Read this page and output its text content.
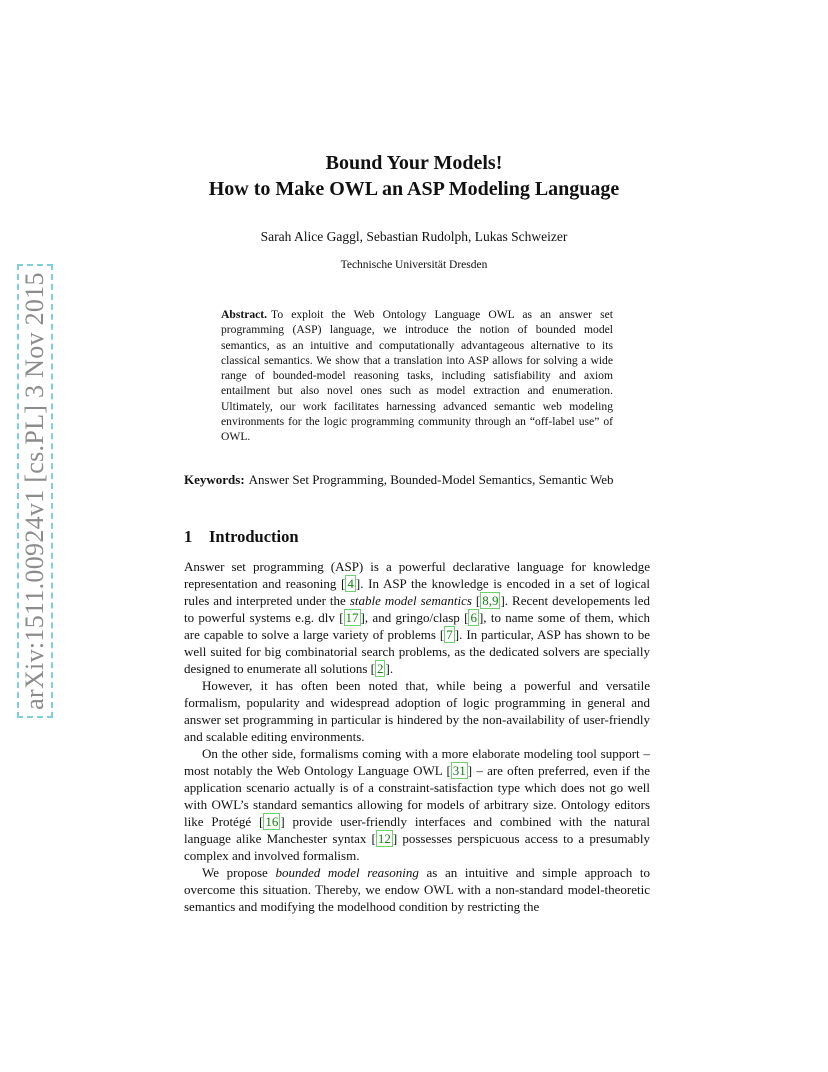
arXiv:1511.00924v1 [cs.PL] 3 Nov 2015
Bound Your Models!
How to Make OWL an ASP Modeling Language

Sarah Alice Gaggl, Sebastian Rudolph, Lukas Schweizer

Technische Universität Dresden

Abstract. To exploit the Web Ontology Language OWL as an answer set programming (ASP) language, we introduce the notion of bounded model semantics, as an intuitive and computationally advantageous alternative to its classical semantics. We show that a translation into ASP allows for solving a wide range of bounded-model reasoning tasks, including satisfiability and axiom entailment but also novel ones such as model extraction and enumeration. Ultimately, our work facilitates harnessing advanced semantic web modeling environments for the logic programming community through an “off-label use” of OWL.

Keywords: Answer Set Programming, Bounded-Model Semantics, Semantic Web

1 Introduction

Answer set programming (ASP) is a powerful declarative language for knowledge representation and reasoning [ 4 ]. In ASP the knowledge is encoded in a set of logical rules and interpreted under the stable model semantics [ 8,9 ]. Recent developements led to powerful systems e.g. dlv [ 17 ], and gringo/clasp [ 6 ], to name some of them, which are capable to solve a large variety of problems [ 7 ]. In particular, ASP has shown to be well suited for big combinatorial search problems, as the dedicated solvers are specially designed to enumerate all solutions [ 2 ].

However, it has often been noted that, while being a powerful and versatile formalism, popularity and widespread adoption of logic programming in general and answer set programming in particular is hindered by the non-availability of user-friendly and scalable editing environments.

On the other side, formalisms coming with a more elaborate modeling tool support – most notably the Web Ontology Language OWL [ 31 ] – are often preferred, even if the application scenario actually is of a constraint-satisfaction type which does not go well with OWL’s standard semantics allowing for models of arbitrary size. Ontology editors like Protégé [ 16 ] provide user-friendly interfaces and combined with the natural language alike Manchester syntax [ 12 ] possesses perspicuous access to a presumably complex and involved formalism.

We propose bounded model reasoning as an intuitive and simple approach to overcome this situation. Thereby, we endow OWL with a non-standard model-theoretic semantics and modifying the modelhood condition by restricting the
